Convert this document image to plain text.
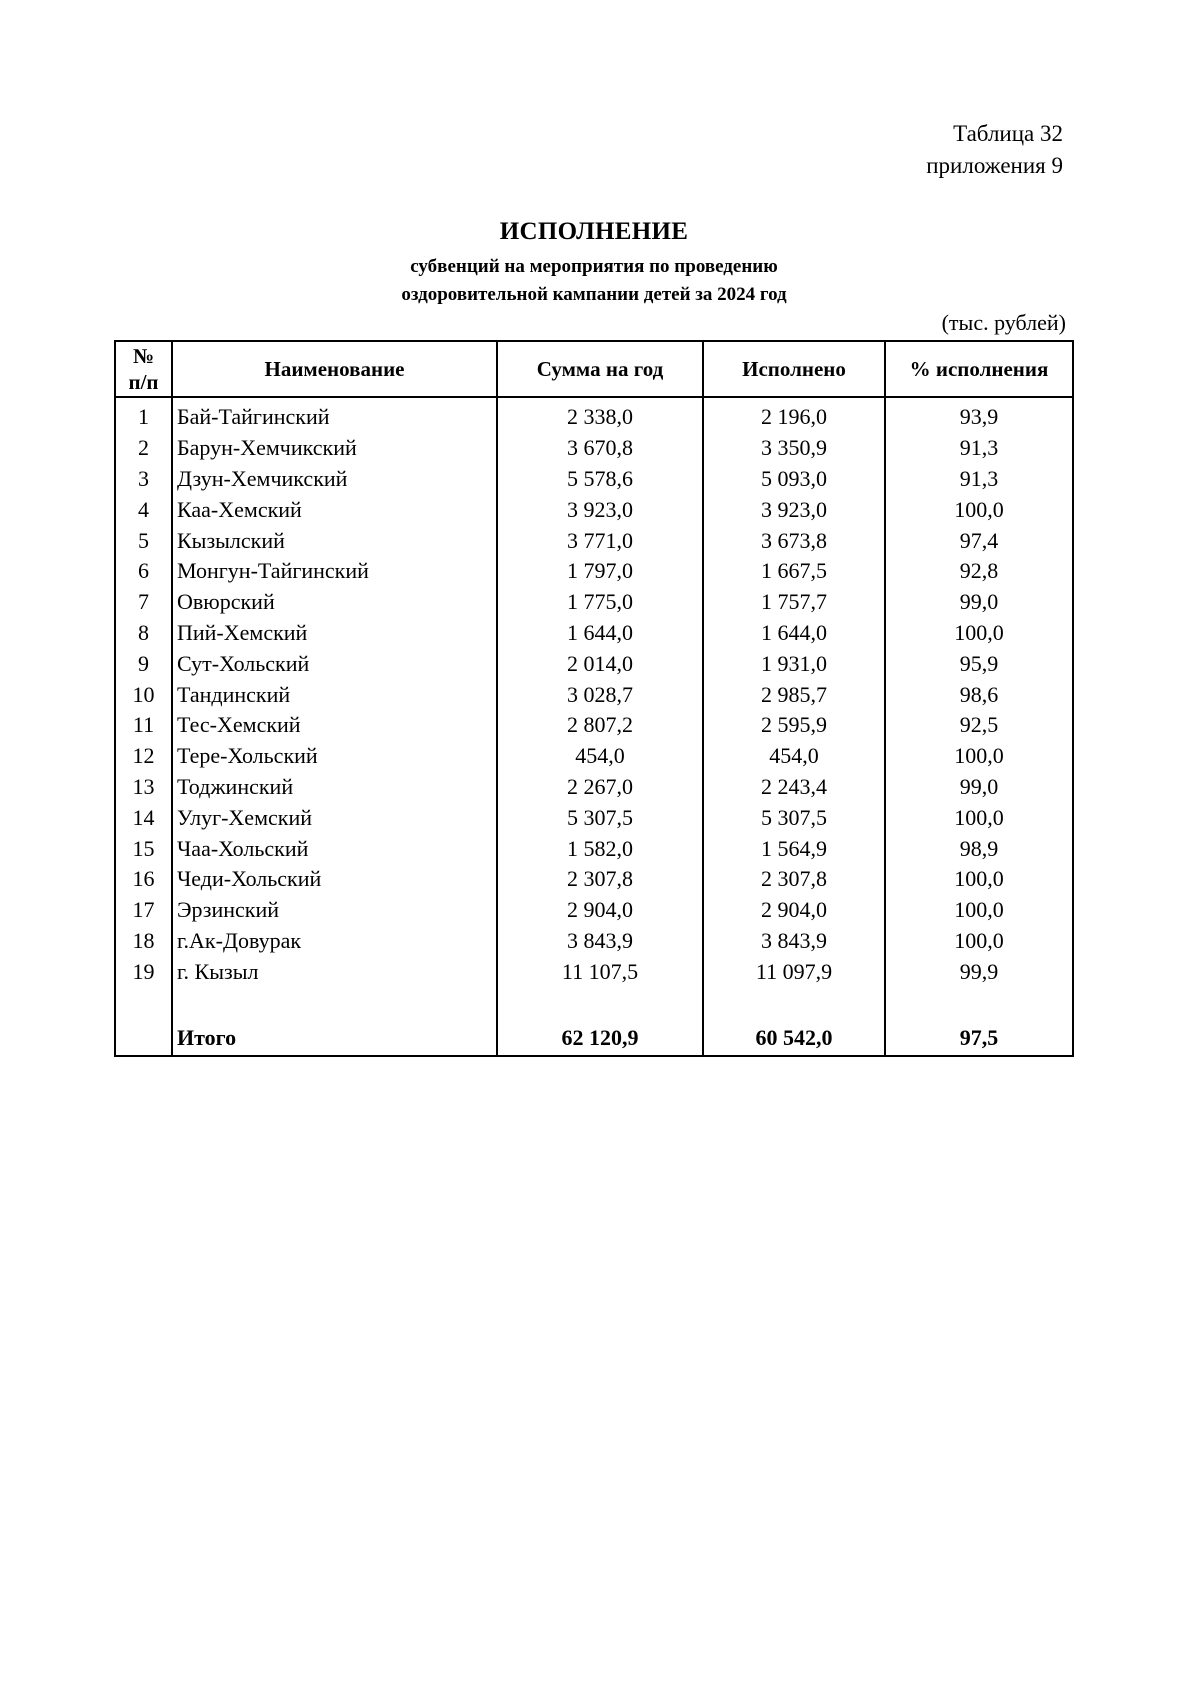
Таблица 32
приложения 9
ИСПОЛНЕНИЕ
субвенций на мероприятия по проведению
оздоровительной кампании детей за 2024 год
(тыс. рублей)
№
п/п	Наименование	Сумма на год	Исполнено	% исполнения
1	Бай-Тайгинский	2 338,0	2 196,0	93,9
2	Барун-Хемчикский	3 670,8	3 350,9	91,3
3	Дзун-Хемчикский	5 578,6	5 093,0	91,3
4	Каа-Хемский	3 923,0	3 923,0	100,0
5	Кызылский	3 771,0	3 673,8	97,4
6	Монгун-Тайгинский	1 797,0	1 667,5	92,8
7	Овюрский	1 775,0	1 757,7	99,0
8	Пий-Хемский	1 644,0	1 644,0	100,0
9	Сут-Хольский	2 014,0	1 931,0	95,9
10	Тандинский	3 028,7	2 985,7	98,6
11	Тес-Хемский	2 807,2	2 595,9	92,5
12	Тере-Хольский	454,0	454,0	100,0
13	Тоджинский	2 267,0	2 243,4	99,0
14	Улуг-Хемский	5 307,5	5 307,5	100,0
15	Чаа-Хольский	1 582,0	1 564,9	98,9
16	Чеди-Хольский	2 307,8	2 307,8	100,0
17	Эрзинский	2 904,0	2 904,0	100,0
18	г.Ак-Довурак	3 843,9	3 843,9	100,0
19	г. Кызыл	11 107,5	11 097,9	99,9

	Итого	62 120,9	60 542,0	97,5
